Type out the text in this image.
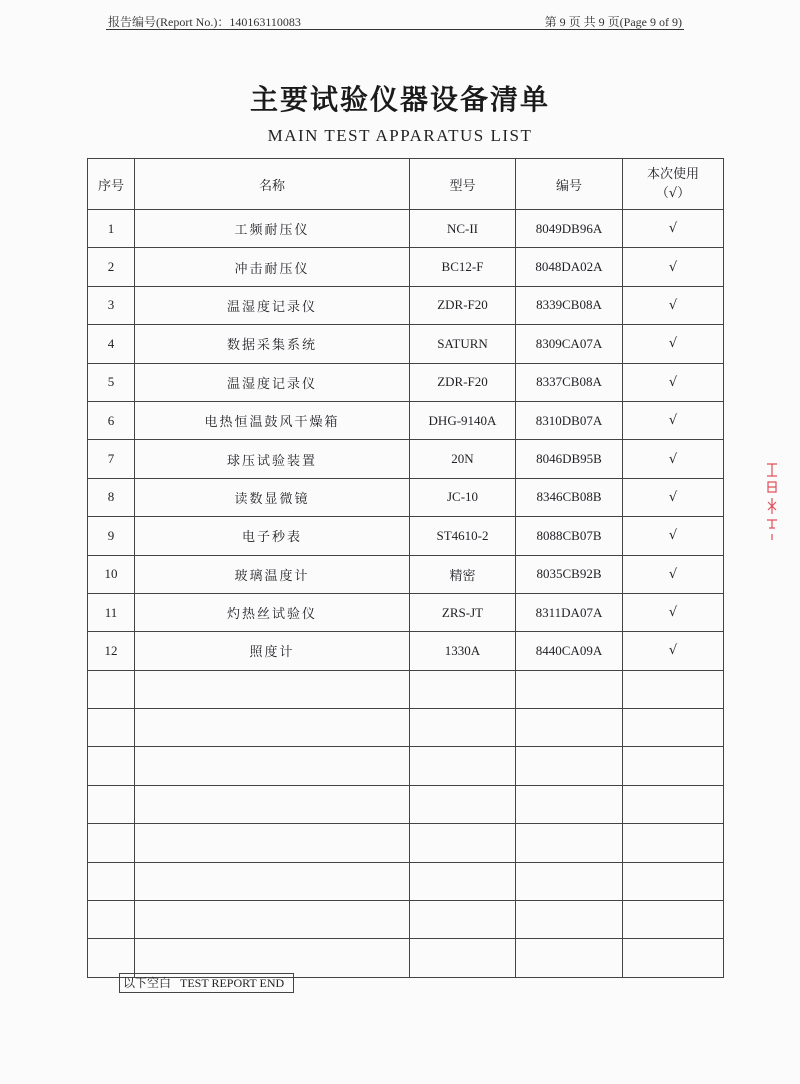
报告编号(Report No.)：140163110083	第 9 页 共 9 页(Page 9 of 9)
主要试验仪器设备清单
MAIN TEST APPARATUS LIST
序号	名称	型号	编号	本次使用
（√）

1	工频耐压仪	NC-II	8049DB96A	√
2	冲击耐压仪	BC12-F	8048DA02A	√
3	温湿度记录仪	ZDR-F20	8339CB08A	√
4	数据采集系统	SATURN	8309CA07A	√
5	温湿度记录仪	ZDR-F20	8337CB08A	√
6	电热恒温鼓风干燥箱	DHG-9140A	8310DB07A	√
7	球压试验装置	20N	8046DB95B	√
8	读数显微镜	JC-10	8346CB08B	√
9	电子秒表	ST4610-2	8088CB07B	√
10	玻璃温度计	精密	8035CB92B	√
11	灼热丝试验仪	ZRS-JT	8311DA07A	√
12	照度计	1330A	8440CA09A	√

以下空白   TEST REPORT END
